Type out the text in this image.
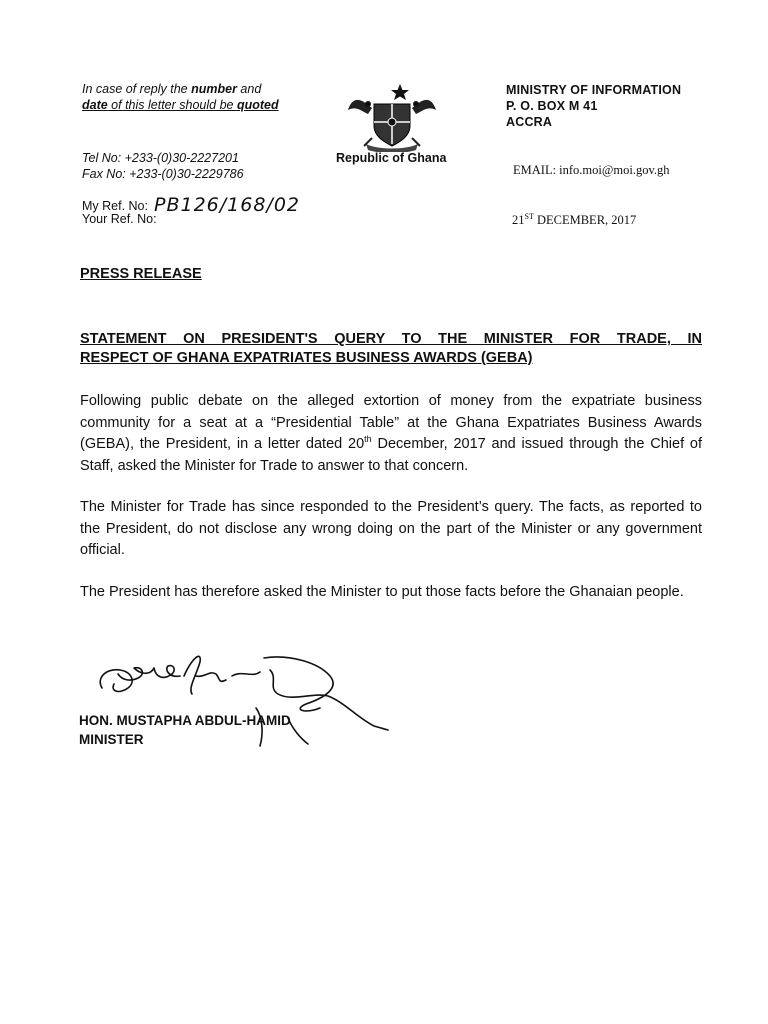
In case of reply the number and
date of this letter should be quoted
Tel No: +233-(0)30-2227201
Fax No: +233-(0)30-2229786
My Ref. No: PB126/168/02
Your Ref. No:
Republic of Ghana
MINISTRY OF INFORMATION
P. O. BOX M 41
ACCRA
EMAIL: info.moi@moi.gov.gh
21ST DECEMBER, 2017
PRESS RELEASE
STATEMENT ON PRESIDENT'S QUERY TO THE MINISTER FOR TRADE, IN
RESPECT OF GHANA EXPATRIATES BUSINESS AWARDS (GEBA)
Following public debate on the alleged extortion of money from the expatriate business community for a seat at a “Presidential Table” at the Ghana Expatriates Business Awards (GEBA), the President, in a letter dated 20th December, 2017 and issued through the Chief of Staff, asked the Minister for Trade to answer to that concern.
The Minister for Trade has since responded to the President’s query. The facts, as reported to the President, do not disclose any wrong doing on the part of the Minister or any government official.
The President has therefore asked the Minister to put those facts before the Ghanaian people.
HON. MUSTAPHA ABDUL-HAMID
MINISTER
